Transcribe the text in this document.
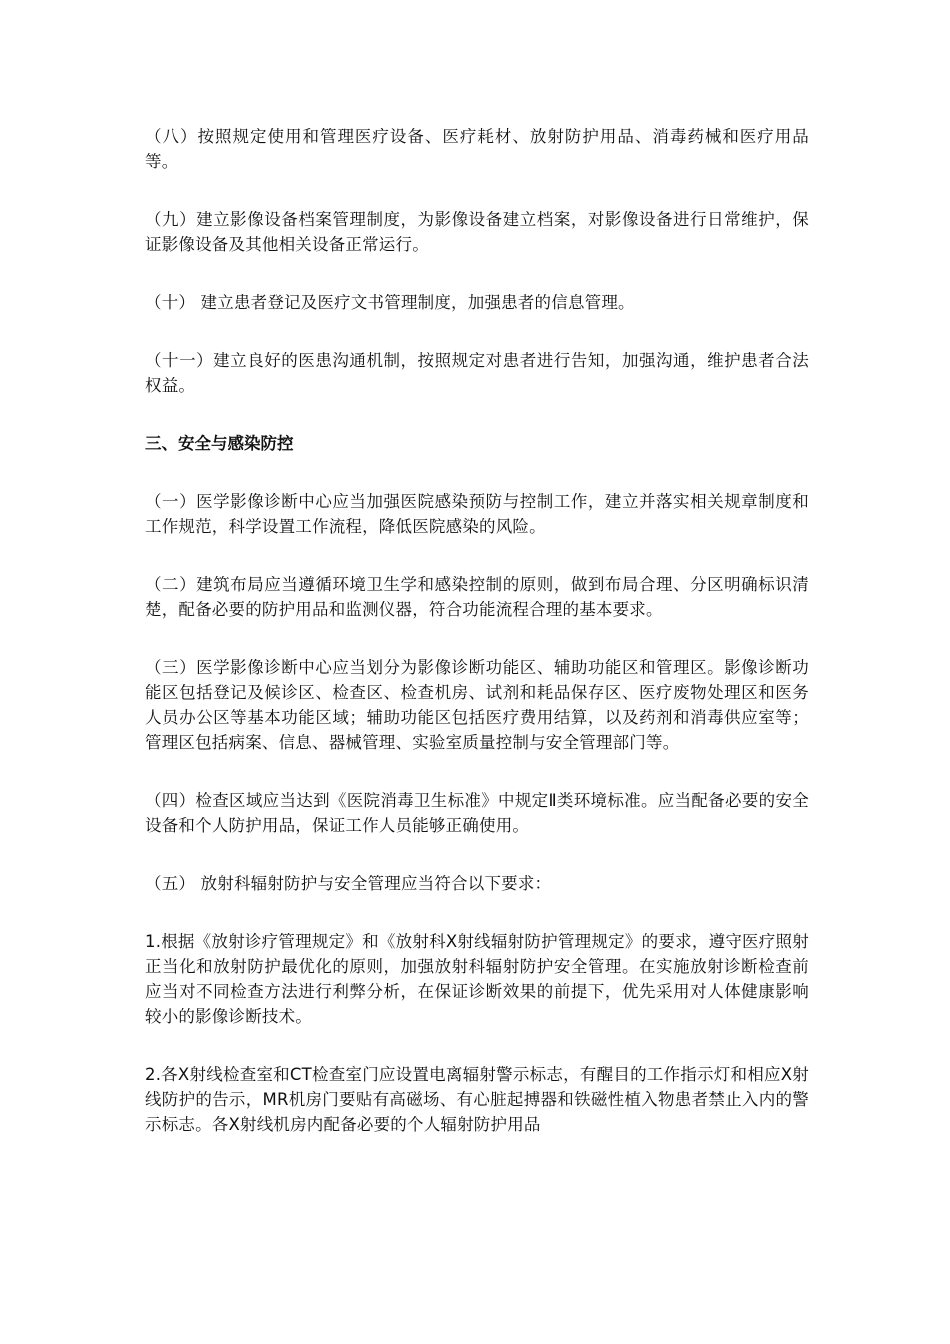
（八）按照规定使用和管理医疗设备、医疗耗材、放射防护用品、消毒药械和医疗用品等。

（九）建立影像设备档案管理制度，为影像设备建立档案，对影像设备进行日常维护，保证影像设备及其他相关设备正常运行。

（十） 建立患者登记及医疗文书管理制度，加强患者的信息管理。

（十一）建立良好的医患沟通机制，按照规定对患者进行告知，加强沟通，维护患者合法权益。

三、安全与感染防控

（一）医学影像诊断中心应当加强医院感染预防与控制工作，建立并落实相关规章制度和工作规范，科学设置工作流程，降低医院感染的风险。

（二）建筑布局应当遵循环境卫生学和感染控制的原则，做到布局合理、分区明确标识清楚，配备必要的防护用品和监测仪器，符合功能流程合理的基本要求。

（三）医学影像诊断中心应当划分为影像诊断功能区、辅助功能区和管理区。影像诊断功能区包括登记及候诊区、检查区、检查机房、试剂和耗品保存区、医疗废物处理区和医务人员办公区等基本功能区域；辅助功能区包括医疗费用结算，以及药剂和消毒供应室等；管理区包括病案、信息、器械管理、实验室质量控制与安全管理部门等。

（四）检查区域应当达到《医院消毒卫生标准》中规定Ⅱ类环境标准。应当配备必要的安全设备和个人防护用品，保证工作人员能够正确使用。

（五） 放射科辐射防护与安全管理应当符合以下要求：

1.根据《放射诊疗管理规定》和《放射科X射线辐射防护管理规定》的要求，遵守医疗照射正当化和放射防护最优化的原则，加强放射科辐射防护安全管理。在实施放射诊断检查前应当对不同检查方法进行利弊分析，在保证诊断效果的前提下，优先采用对人体健康影响较小的影像诊断技术。

2.各X射线检查室和CT检查室门应设置电离辐射警示标志，有醒目的工作指示灯和相应X射线防护的告示，MR机房门要贴有高磁场、有心脏起搏器和铁磁性植入物患者禁止入内的警示标志。各X射线机房内配备必要的个人辐射防护用品
